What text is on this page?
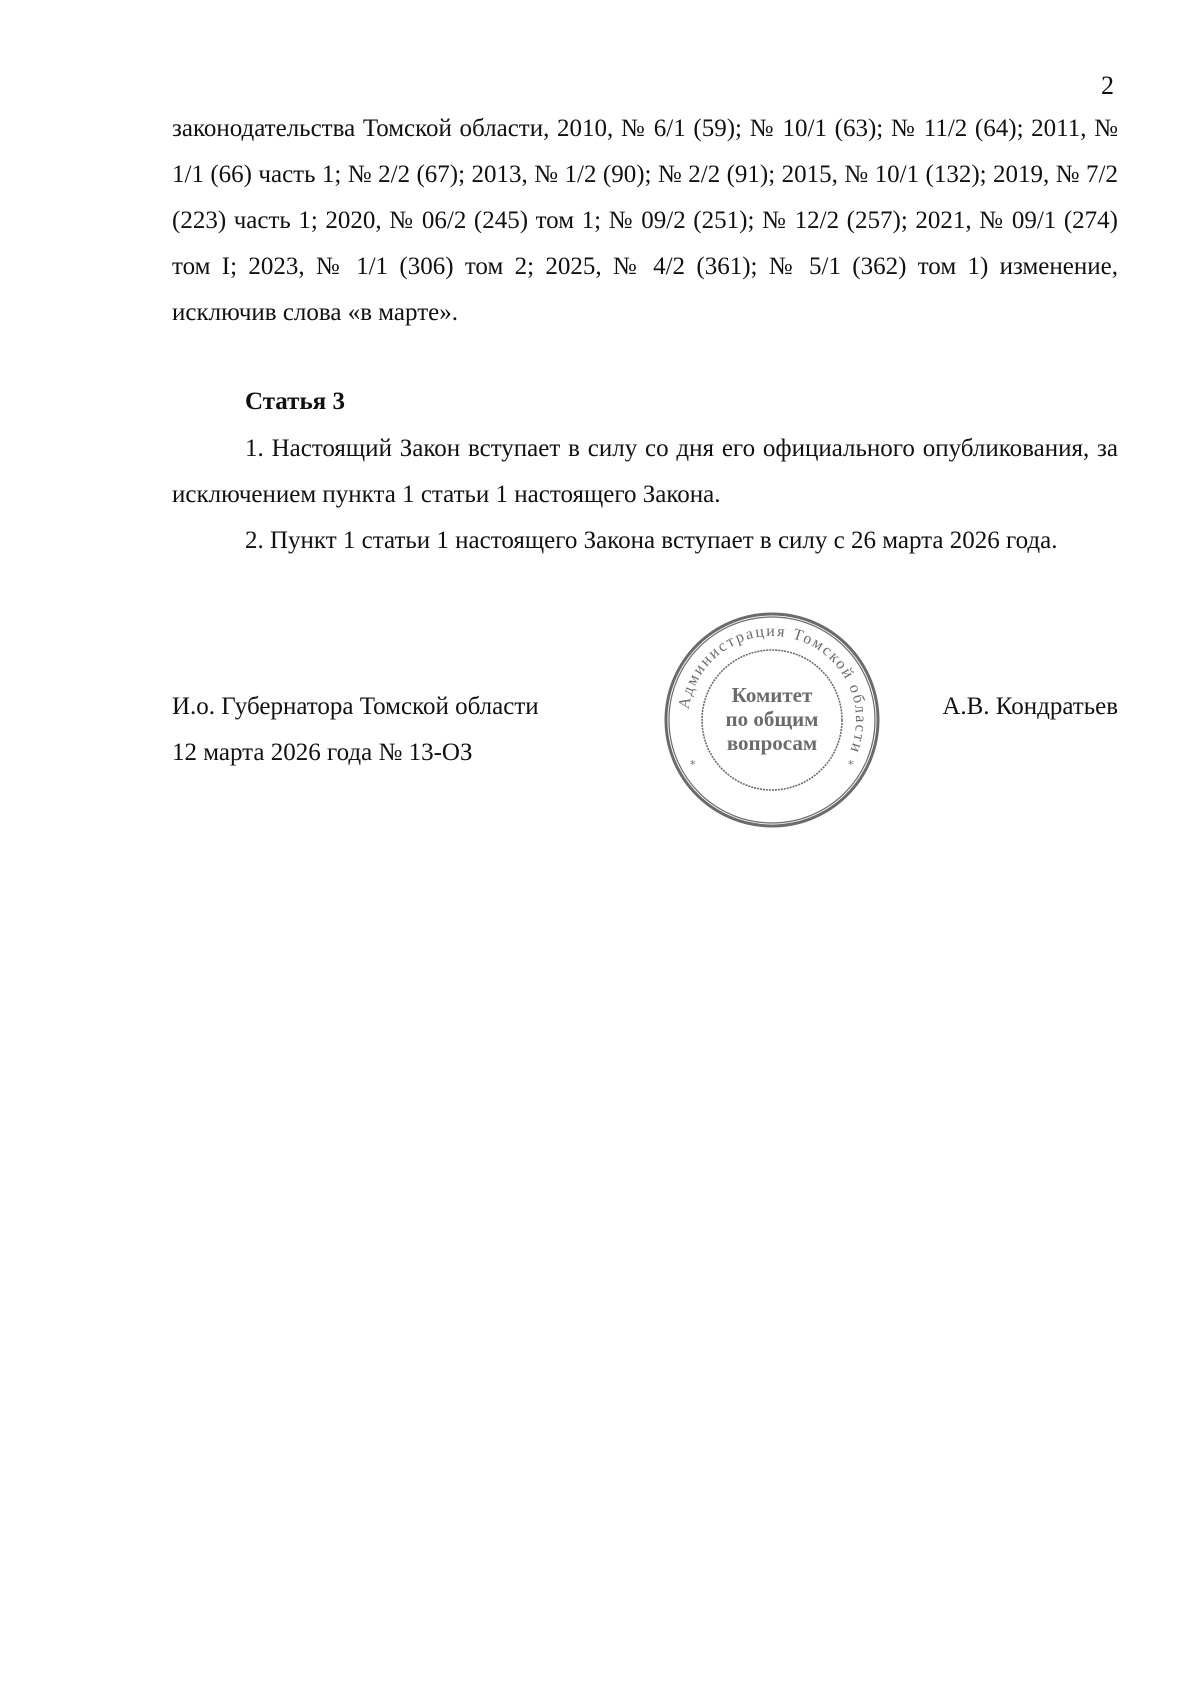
2
законодательства Томской области, 2010, № 6/1 (59); № 10/1 (63); № 11/2 (64); 2011, № 1/1 (66) часть 1; № 2/2 (67); 2013, № 1/2 (90); № 2/2 (91); 2015, № 10/1 (132); 2019, № 7/2 (223) часть 1; 2020, № 06/2 (245) том 1; № 09/2 (251); № 12/2 (257); 2021, № 09/1 (274) том I; 2023, № 1/1 (306) том 2; 2025, № 4/2 (361); № 5/1 (362) том 1) изменение, исключив слова «в марте».
Статья 3
1. Настоящий Закон вступает в силу со дня его официального опубликования, за исключением пункта 1 статьи 1 настоящего Закона.
2. Пункт 1 статьи 1 настоящего Закона вступает в силу с 26 марта 2026 года.
И.о. Губернатора Томской области
12 марта 2026 года № 13-ОЗ
А.В. Кондратьев
Администрация Томской области
Комитет
по общим
вопросам
*	*
